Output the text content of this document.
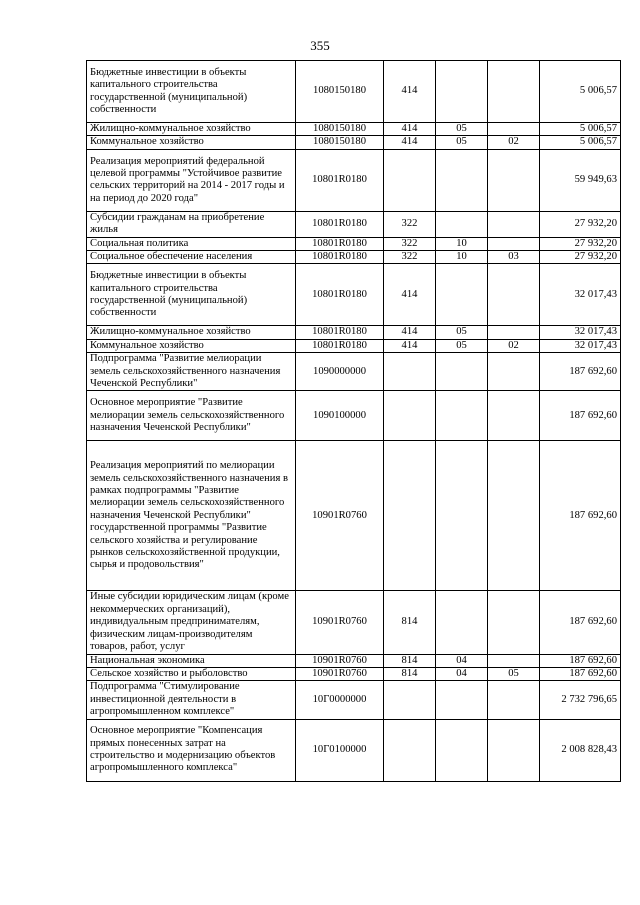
355
Бюджетные инвестиции в объекты капитального строительства государственной (муниципальной) собственности	1080150180	414			5 006,57
Жилищно-коммунальное хозяйство	1080150180	414	05		5 006,57
Коммунальное хозяйство	1080150180	414	05	02	5 006,57
Реализация мероприятий федеральной целевой программы "Устойчивое развитие сельских территорий на 2014 - 2017 годы и на период до 2020 года"	10801R0180				59 949,63
Субсидии гражданам на приобретение жилья	10801R0180	322			27 932,20
Социальная политика	10801R0180	322	10		27 932,20
Социальное обеспечение населения	10801R0180	322	10	03	27 932,20
Бюджетные инвестиции в объекты капитального строительства государственной (муниципальной) собственности	10801R0180	414			32 017,43
Жилищно-коммунальное хозяйство	10801R0180	414	05		32 017,43
Коммунальное хозяйство	10801R0180	414	05	02	32 017,43
Подпрограмма "Развитие мелиорации земель сельскохозяйственного назначения Чеченской Республики"	1090000000				187 692,60
Основное мероприятие "Развитие мелиорации земель сельскохозяйственного назначения Чеченской Республики"	1090100000				187 692,60
Реализация мероприятий по мелиорации земель сельскохозяйственного назначения в рамках подпрограммы "Развитие мелиорации земель сельскохозяйственного назначения Чеченской Республики" государственной программы "Развитие сельского хозяйства и регулирование рынков сельскохозяйственной продукции, сырья и продовольствия"	10901R0760				187 692,60
Иные субсидии юридическим лицам (кроме некоммерческих организаций), индивидуальным предпринимателям, физическим лицам-производителям товаров, работ, услуг	10901R0760	814			187 692,60
Национальная экономика	10901R0760	814	04		187 692,60
Сельское хозяйство и рыболовство	10901R0760	814	04	05	187 692,60
Подпрограмма "Стимулирование инвестиционной деятельности в агропромышленном комплексе"	10Г0000000				2 732 796,65
Основное мероприятие "Компенсация прямых понесенных затрат на строительство и модернизацию объектов агропромышленного комплекса"	10Г0100000				2 008 828,43
